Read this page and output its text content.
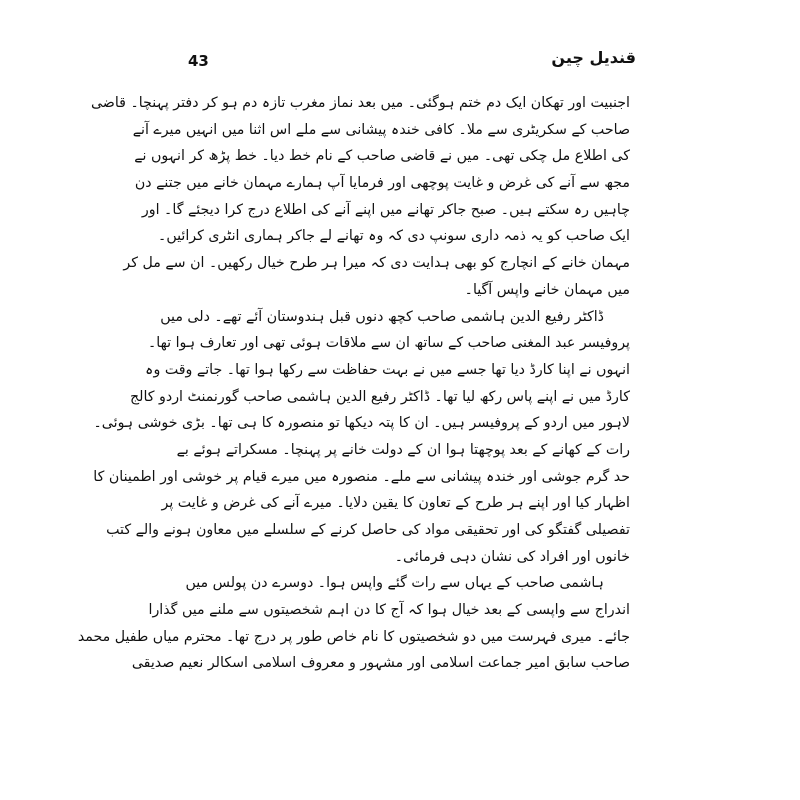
43	قندیل چین
اجنبیت اور تھکان ایک دم ختم ہوگئی۔ میں بعد نماز مغرب تازہ دم ہو کر دفتر پہنچا۔ قاضی
صاحب کے سکریٹری سے ملا۔ کافی خندہ پیشانی سے ملے اس اثنا میں انہیں میرے آنے
کی اطلاع مل چکی تھی۔ میں نے قاضی صاحب کے نام خط دیا۔ خط پڑھ کر انہوں نے
مجھ سے آنے کی غرض و غایت پوچھی اور فرمایا آپ ہمارے مہمان خانے میں جتنے دن
چاہیں رہ سکتے ہیں۔ صبح جاکر تھانے میں اپنے آنے کی اطلاع درج کرا دیجئے گا۔ اور
ایک صاحب کو یہ ذمہ داری سونپ دی کہ وہ تھانے لے جاکر ہماری انٹری کرائیں۔
مہمان خانے کے انچارج کو بھی ہدایت دی کہ میرا ہر طرح خیال رکھیں۔ ان سے مل کر
میں مہمان خانے واپس آگیا۔
ڈاکٹر رفیع الدین ہاشمی صاحب کچھ دنوں قبل ہندوستان آئے تھے۔ دلی میں
پروفیسر عبد المغنی صاحب کے ساتھ ان سے ملاقات ہوئی تھی اور تعارف ہوا تھا۔
انہوں نے اپنا کارڈ دیا تھا جسے میں نے بہت حفاظت سے رکھا ہوا تھا۔ جاتے وقت وہ
کارڈ میں نے اپنے پاس رکھ لیا تھا۔ ڈاکٹر رفیع الدین ہاشمی صاحب گورنمنٹ اردو کالج
لاہور میں اردو کے پروفیسر ہیں۔ ان کا پتہ دیکھا تو منصورہ کا ہی تھا۔ بڑی خوشی ہوئی۔
رات کے کھانے کے بعد پوچھتا ہوا ان کے دولت خانے پر پہنچا۔ مسکراتے ہوئے بے
حد گرم جوشی اور خندہ پیشانی سے ملے۔ منصورہ میں میرے قیام پر خوشی اور اطمینان کا
اظہار کیا اور اپنے ہر طرح کے تعاون کا یقین دلایا۔ میرے آنے کی غرض و غایت پر
تفصیلی گفتگو کی اور تحقیقی مواد کی حاصل کرنے کے سلسلے میں معاون ہونے والے کتب
خانوں اور افراد کی نشان دہی فرمائی۔
ہاشمی صاحب کے یہاں سے رات گئے واپس ہوا۔ دوسرے دن پولس میں
اندراج سے واپسی کے بعد خیال ہوا کہ آج کا دن اہم شخصیتوں سے ملنے میں گذارا
جائے۔ میری فہرست میں دو شخصیتوں کا نام خاص طور پر درج تھا۔ محترم میاں طفیل محمد
صاحب سابق امیر جماعت اسلامی اور مشہور و معروف اسلامی اسکالر نعیم صدیقی
